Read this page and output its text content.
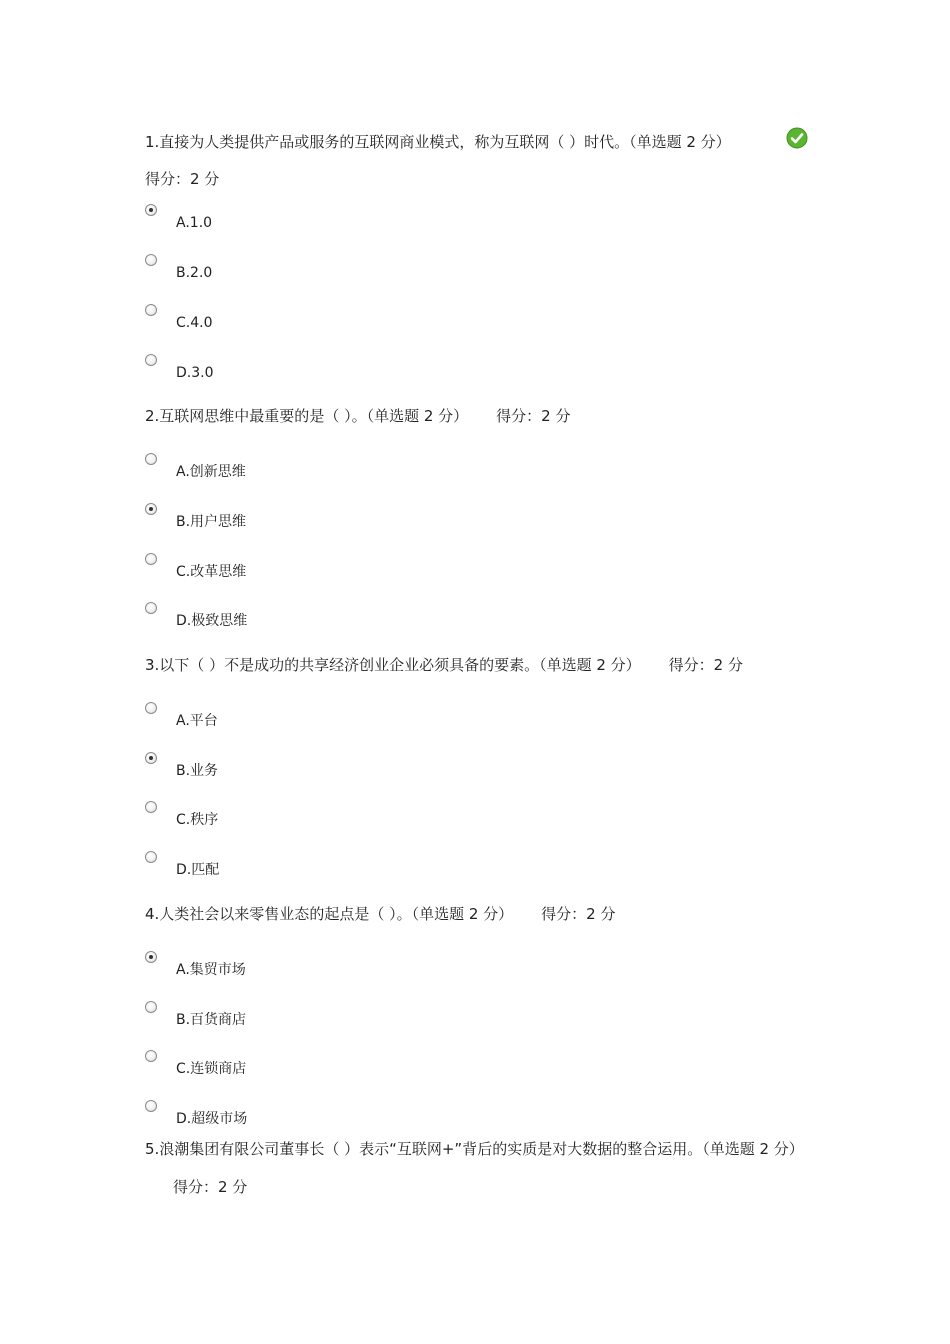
1.直接为人类提供产品或服务的互联网商业模式，称为互联网（ ）时代。（单选题 2 分）
得分：2 分
A.1.0
B.2.0
C.4.0
D.3.0
2.互联网思维中最重要的是（ ）。（单选题 2 分） 得分：2 分
A.创新思维
B.用户思维
C.改革思维
D.极致思维
3.以下（ ）不是成功的共享经济创业企业必须具备的要素。（单选题 2 分） 得分：2 分
A.平台
B.业务
C.秩序
D.匹配
4.人类社会以来零售业态的起点是（ ）。（单选题 2 分） 得分：2 分
A.集贸市场
B.百货商店
C.连锁商店
D.超级市场
5.浪潮集团有限公司董事长（ ）表示“互联网+”背后的实质是对大数据的整合运用。（单选题 2 分）得分：2 分
